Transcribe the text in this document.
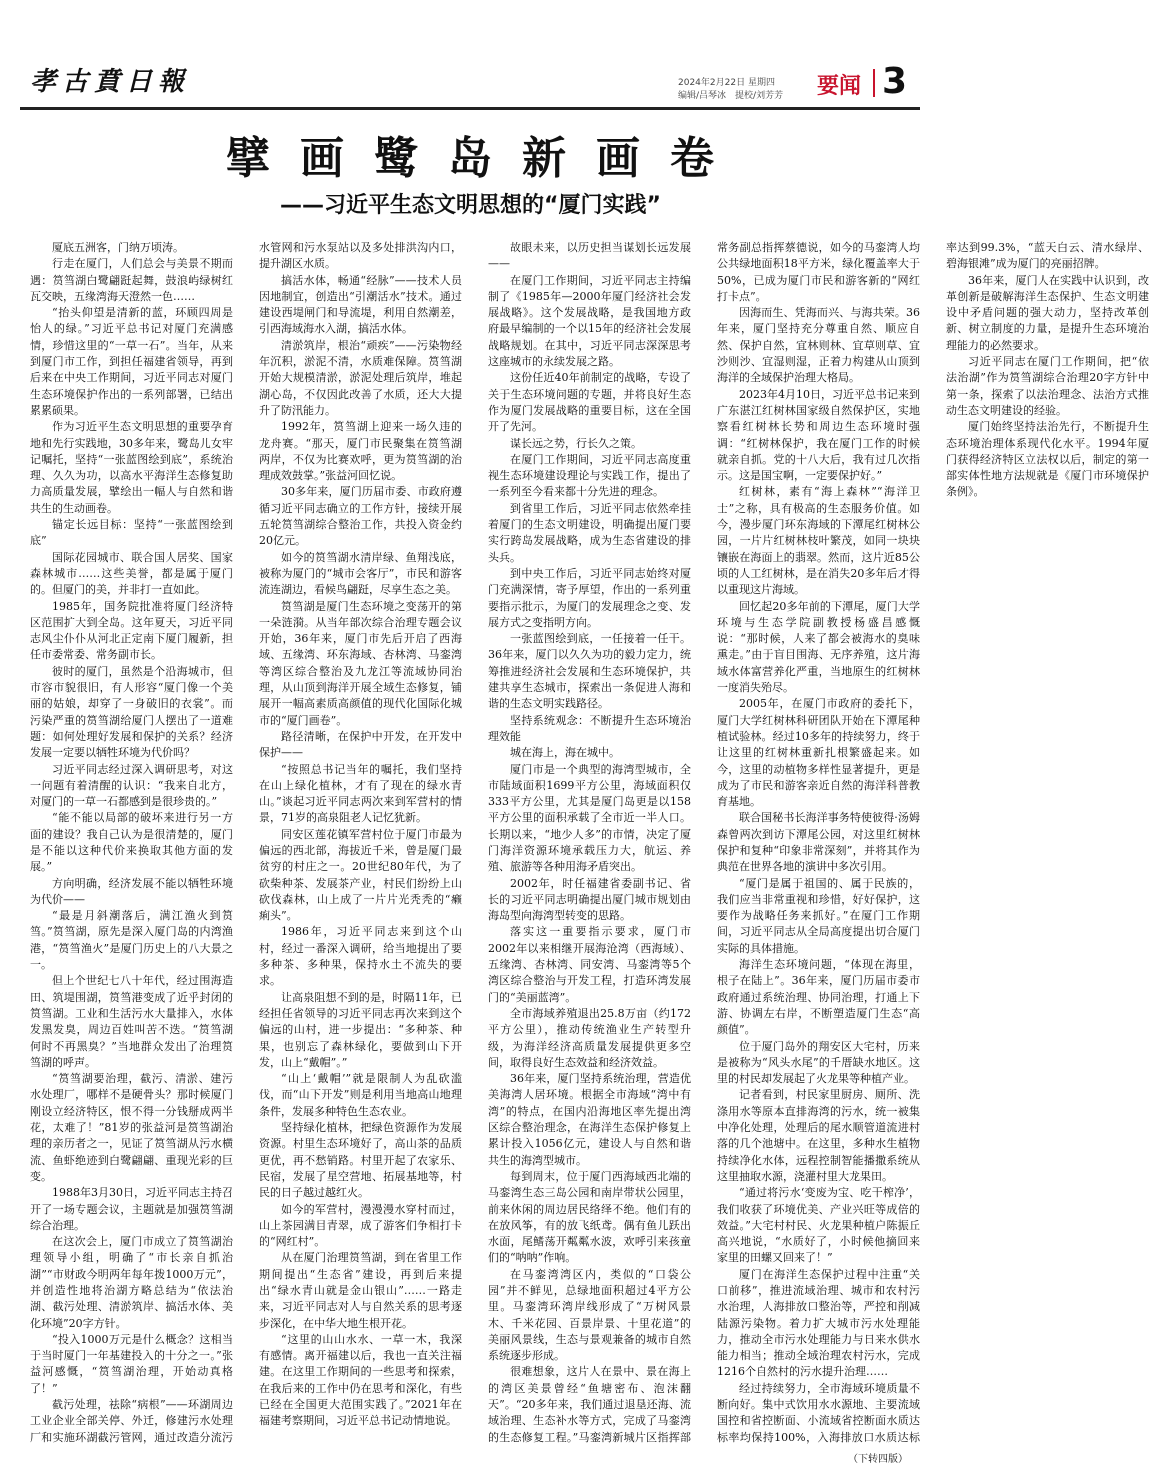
孝古賁日報	2024年2月22日 星期四
编辑/吕琴冰　提校/刘芳芳 要闻 3
擘画鹭岛新画卷
——习近平生态文明思想的“厦门实践”

厦底五洲客，门纳万顷涛。

行走在厦门，人们总会与美景不期而遇：筼筜湖白鹭翩跹起舞，鼓浪屿绿树红瓦交映，五缘湾海天澄然一色……

“抬头仰望是清新的蓝，环顾四周是怡人的绿。”习近平总书记对厦门充满感情，珍惜这里的“一草一石”。当年，从来到厦门市工作，到担任福建省领导，再到后来在中央工作期间，习近平同志对厦门生态环境保护作出的一系列部署，已结出累累硕果。

作为习近平生态文明思想的重要孕育地和先行实践地，30多年来，鹭岛儿女牢记嘱托，坚持“一张蓝图绘到底”，系统治理、久久为功，以高水平海洋生态修复助力高质量发展，擘绘出一幅人与自然和谐共生的生动画卷。

锚定长远目标：坚持“一张蓝图绘到底”

国际花园城市、联合国人居奖、国家森林城市……这些美誉，都是属于厦门的。但厦门的美，并非打一直如此。

1985年，国务院批准将厦门经济特区范围扩大到全岛。这年夏天，习近平同志风尘仆仆从河北正定南下厦门履新，担任市委常委、常务副市长。

彼时的厦门，虽然是个沿海城市，但市容市貌很旧，有人形容“厦门像一个美丽的姑娘，却穿了一身破旧的衣裳”。而污染严重的筼筜湖给厦门人摆出了一道难题：如何处理好发展和保护的关系？经济发展一定要以牺牲环境为代价吗？

习近平同志经过深入调研思考，对这一问题有着清醒的认识：“我来自北方，对厦门的一草一石都感到是很珍贵的。”

“能不能以局部的破坏来进行另一方面的建设？我自己认为是很清楚的，厦门是不能以这种代价来换取其他方面的发展。”

方向明确，经济发展不能以牺牲环境为代价——

“最是月斜潮落后，满江渔火到筼筜。”筼筜湖，原先是深入厦门岛的内湾渔港，“筼筜渔火”是厦门历史上的八大景之一。

但上个世纪七八十年代，经过围海造田、筑堤围湖，筼筜港变成了近乎封闭的筼筜湖。工业和生活污水大量排入，水体发黑发臭，周边百姓叫苦不迭。“筼筜湖何时不再黑臭？”当地群众发出了治理筼筜湖的呼声。

“筼筜湖要治理，截污、清淤、建污水处理厂，哪样不是硬骨头？那时候厦门刚设立经济特区，恨不得一分钱掰成两半花，太难了！”81岁的张益河是筼筜湖治理的亲历者之一，见证了筼筜湖从污水横流、鱼虾绝迹到白鹭翩翩、重现光彩的巨变。

1988年3月30日，习近平同志主持召开了一场专题会议，主题就是加强筼筜湖综合治理。

在这次会上，厦门市成立了筼筜湖治理领导小组，明确了“市长亲自抓治湖”“市财政今明两年每年拨1000万元”，并创造性地将治湖方略总结为“依法治湖、截污处理、清淤筑岸、搞活水体、美化环境”20字方针。

“投入1000万元是什么概念？这相当于当时厦门一年基建投入的十分之一。”张益河感慨，“筼筜湖治理，开始动真格了！”

截污处理，祛除“病根”——环湖周边工业企业全部关停、外迁，修建污水处理厂和实施环湖截污管网，通过改造分流污水管网和污水泵站以及多处排洪沟内口，提升湖区水质。

搞活水体，畅通“经脉”——技术人员因地制宜，创造出“引潮活水”技术。通过建设西堤闸门和导流堤，利用自然潮差，引西海域海水入湖，搞活水体。

清淤筑岸，根治“顽疾”——污染物经年沉积，淤泥不清，水质难保障。筼筜湖开始大规模清淤，淤泥处理后筑岸，堆起湖心岛，不仅因此改善了水质，还大大提升了防汛能力。

1992年，筼筜湖上迎来一场久违的龙舟赛。“那天，厦门市民聚集在筼筜湖两岸，不仅为比赛欢呼，更为筼筜湖的治理成效鼓掌。”张益河回忆说。

30多年来，厦门历届市委、市政府遵循习近平同志确立的工作方针，接续开展五轮筼筜湖综合整治工作，共投入资金约20亿元。

如今的筼筜湖水清岸绿、鱼翔浅底，被称为厦门的“城市会客厅”，市民和游客流连湖边，看候鸟翩跹，尽享生态之美。

筼筜湖是厦门生态环境之变荡开的第一朵涟漪。从当年部次综合治理专题会议开始，36年来，厦门市先后开启了西海域、五缘湾、环东海域、杏林湾、马銮湾等湾区综合整治及九龙江等流域协同治理，从山顶到海洋开展全域生态修复，铺展开一幅高素质高颜值的现代化国际化城市的“厦门画卷”。

路径清晰，在保护中开发，在开发中保护——

“按照总书记当年的嘱托，我们坚持在山上绿化植林，才有了现在的绿水青山。”谈起习近平同志两次来到军营村的情景，71岁的高泉阻老人记忆犹新。

同安区莲花镇军营村位于厦门市最为偏远的西北部，海拔近千米，曾是厦门最贫穷的村庄之一。20世纪80年代，为了砍柴种茶、发展茶产业，村民们纷纷上山砍伐森林，山上成了一片片光秃秃的“癞痢头”。

1986年，习近平同志来到这个山村，经过一番深入调研，给当地提出了要多种茶、多种果，保持水土不流失的要求。

让高泉阻想不到的是，时隔11年，已经担任省领导的习近平同志再次来到这个偏远的山村，进一步提出：“多种茶、种果，也别忘了森林绿化，要做到山下开发，山上“戴帽”。”

“山上‘戴帽’”就是限制人为乱砍滥伐，而“山下开发”则是利用当地高山地理条件，发展多种特色生态农业。

坚持绿化植林，把绿色资源作为发展资源。村里生态环境好了，高山茶的品质更优，再不愁销路。村里开起了农家乐、民宿，发展了星空营地、拓展基地等，村民的日子越过越红火。

如今的军营村，漫漫漫水穿村而过，山上茶园满目青翠，成了游客们争相打卡的“网红村”。

从在厦门治理筼筜湖，到在省里工作期间提出“生态省”建设，再到后来提出“绿水青山就是金山银山”……一路走来，习近平同志对人与自然关系的思考逐步深化，在中华大地生根开花。

“这里的山山水水、一草一木，我深有感情。离开福建以后，我也一直关注福建。在这里工作期间的一些思考和探索，在我后来的工作中仍在思考和深化，有些已经在全国更大范围实践了。”2021年在福建考察期间，习近平总书记动情地说。

故眼未来，以历史担当谋划长远发展——

在厦门工作期间，习近平同志主持编制了《1985年—2000年厦门经济社会发展战略》。这个发展战略，是我国地方政府最早编制的一个以15年的经济社会发展战略规划。在其中，习近平同志深深思考这座城市的永续发展之路。

这份任近40年前制定的战略，专设了关于生态环境问题的专题，并将良好生态作为厦门发展战略的重要目标，这在全国开了先河。

谋长远之势，行长久之策。

在厦门工作期间，习近平同志高度重视生态环境建设理论与实践工作，提出了一系列至今看来都十分先进的理念。

到省里工作后，习近平同志依然牵挂着厦门的生态文明建设，明确提出厦门要实行跨岛发展战略，成为生态省建设的排头兵。

到中央工作后，习近平同志始终对厦门充满深情，寄予厚望，作出的一系列重要指示批示，为厦门的发展理念之变、发展方式之变指明方向。

一张蓝图绘到底，一任接着一任干。36年来，厦门以久久为功的毅力定力，统筹推进经济社会发展和生态环境保护，共建共享生态城市，探索出一条促进人海和谐的生态文明实践路径。

坚持系统观念：不断提升生态环境治理效能

城在海上，海在城中。

厦门市是一个典型的海湾型城市，全市陆域面积1699平方公里，海域面积仅333平方公里，尤其是厦门岛更是以158平方公里的面积承载了全市近一半人口。长期以来，“地少人多”的市情，决定了厦门海洋资源环境承载压力大，航运、养殖、旅游等各种用海矛盾突出。

2002年，时任福建省委副书记、省长的习近平同志明确提出厦门城市规划由海岛型向海湾型转变的思路。

落实这一重要指示要求，厦门市2002年以来相继开展海沧湾（西海域）、五缘湾、杏林湾、同安湾、马銮湾等5个湾区综合整治与开发工程，打造环湾发展门的“美丽蓝湾”。

全市海域养殖退出25.8万亩（约172平方公里），推动传统渔业生产转型升级，为海洋经济高质量发展提供更多空间，取得良好生态效益和经济效益。

36年来，厦门坚持系统治理，营造优美海湾人居环境。根据全市海域“湾中有湾”的特点，在国内沿海地区率先提出湾区综合整治理念，在海洋生态保护修复上累计投入1056亿元，建设人与自然和谐共生的海湾型城市。

每到周末，位于厦门西海域西北端的马銮湾生态三岛公园和南岸带状公园里，前来休闲的周边居民络绎不绝。他们有的在放风筝，有的放飞纸鸢。偶有鱼儿跃出水面，尾鳍荡开粼粼水波，欢呼引来孩童们的“呐呐”作响。

在马銮湾湾区内，类似的“口袋公园”并不鲜见，总绿地面积超过4平方公里。马銮湾环湾岸线形成了“万树风景木、千米花园、百景岸景、十里花道”的美丽风景线，生态与景观兼备的城市自然系统逐步形成。

很难想象，这片人在景中、景在海上的湾区美景曾经“鱼塘密布、泡沫翻天”。“20多年来，我们通过退垦还海、流域治理、生态补水等方式，完成了马銮湾的生态修复工程。”马銮湾新城片区指挥部常务副总指挥蔡德说，如今的马銮湾人均公共绿地面积18平方米，绿化覆盖率大于50%，已成为厦门市民和游客新的“网红打卡点”。

因海而生、凭海而兴、与海共荣。36年来，厦门坚持充分尊重自然、顺应自然、保护自然，宜林则林、宜草则草、宜沙则沙、宜湿则湿，正着力构建从山顶到海洋的全域保护治理大格局。

2023年4月10日，习近平总书记来到广东湛江红树林国家级自然保护区，实地察看红树林长势和周边生态环境时强调：“红树林保护，我在厦门工作的时候就亲自抓。党的十八大后，我有过几次指示。这是国宝啊，一定要保护好。”

红树林，素有“海上森林”“海洋卫士”之称，具有极高的生态服务价值。如今，漫步厦门环东海域的下潭尾红树林公园，一片片红树林枝叶繁茂，如同一块块镶嵌在海面上的翡翠。然而，这片近85公顷的人工红树林，是在消失20多年后才得以重现这片海域。

回忆起20多年前的下潭尾，厦门大学环境与生态学院副教授杨盛昌感慨说：“那时候，人来了都会被海水的臭味熏走。”由于盲目围海、无序养殖，这片海域水体富营养化严重，当地原生的红树林一度消失殆尽。

2005年，在厦门市政府的委托下，厦门大学红树林科研团队开始在下潭尾种植试验林。经过10多年的持续努力，终于让这里的红树林重新扎根繁盛起来。如今，这里的动植物多样性显著提升，更是成为了市民和游客亲近自然的海洋科普教育基地。

联合国秘书长海洋事务特使彼得·汤姆森曾两次到访下潭尾公园，对这里红树林保护和复种“印象非常深刻”，并将其作为典范在世界各地的演讲中多次引用。

“厦门是属于祖国的、属于民族的，我们应当非常重视和珍惜，好好保护，这要作为战略任务来抓好。”在厦门工作期间，习近平同志从全局高度提出切合厦门实际的具体措施。

海洋生态环境问题，“体现在海里，根子在陆上”。36年来，厦门历届市委市政府通过系统治理、协同治理，打通上下游、协调左右岸，不断塑造厦门生态“高颜值”。

位于厦门岛外的翔安区大宅村，历来是被称为“风头水尾”的千厝缺水地区。这里的村民却发展起了火龙果等种植产业。

记者看到，村民家里厨房、厕所、洗涤用水等原本直排海湾的污水，统一被集中净化处理，处理后的尾水顺管道流进村落的几个池塘中。在这里，多种水生植物持续净化水体，远程控制智能播撒系统从这里抽取水源，浇灌村里大龙果田。

“通过将污水‘变废为宝、吃干榨净’，我们收获了环境优美、产业兴旺等成倍的效益。”大宅村村民、火龙果种植户陈振丘高兴地说，“水质好了，小时候他摘回来家里的田螺又回来了！”

厦门在海洋生态保护过程中注重“关口前移”，推进流域治理、城市和农村污水治理，人海排放口整治等，严控和削减陆源污染物。着力扩大城市污水处理能力，推动全市污水处理能力与日来水供水能力相当；推动全域治理农村污水，完成1216个自然村的污水提升治理……

经过持续努力，全市海域环境质量不断向好。集中式饮用水水源地、主要流域国控和省控断面、小流域省控断面水质达标率均保持100%，入海排放口水质达标率达到99.3%，“蓝天白云、清水绿岸、碧海银滩”成为厦门的亮丽招牌。

36年来，厦门人在实践中认识到，改革创新是破解海洋生态保护、生态文明建设中矛盾问题的强大动力，坚持改革创新、树立制度的力量，是提升生态环境治理能力的必然要求。

习近平同志在厦门工作期间，把“依法治湖”作为筼筜湖综合治理20字方针中第一条，探索了以法治理念、法治方式推动生态文明建设的经验。

厦门始终坚持法治先行，不断提升生态环境治理体系现代化水平。1994年厦门获得经济特区立法权以后，制定的第一部实体性地方法规就是《厦门市环境保护条例》。

（下转四版）
